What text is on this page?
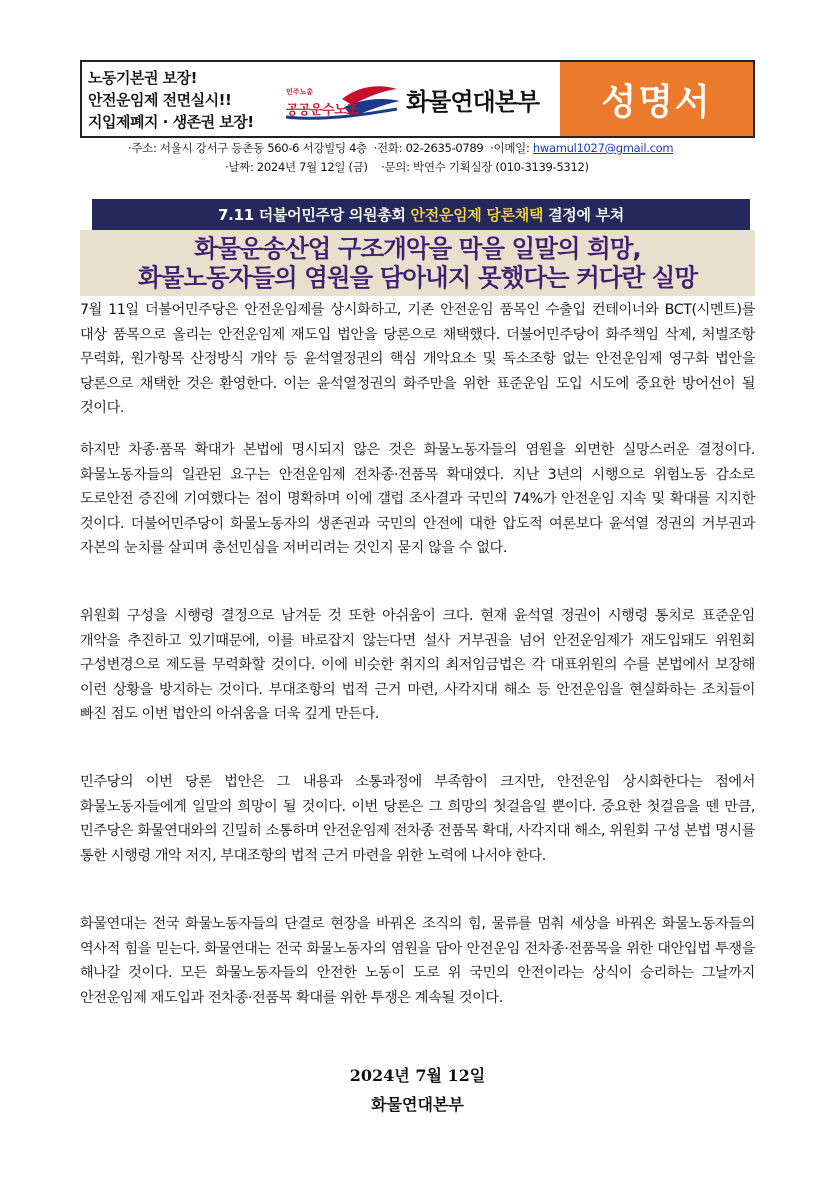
노동기본권 보장!
안전운임제 전면실시!!
지입제폐지 · 생존권 보장!
민주노총
공공운수노조 화물연대본부	성명서
·주소: 서울시 강서구 등촌동 560-6 서강빌딩 4층 ·전화: 02-2635-0789 ·이메일: hwamul1027@gmail.com
·날짜: 2024년 7월 12일 (금) ·문의: 박연수 기획실장 (010-3139-5312)
7.11 더불어민주당 의원총회 안전운임제 당론채택 결정에 부쳐
화물운송산업 구조개악을 막을 일말의 희망,
화물노동자들의 염원을 담아내지 못했다는 커다란 실망

7월 11일 더불어민주당은 안전운임제를 상시화하고, 기존 안전운임 품목인 수출입 컨테이너와 BCT(시멘트)를 대상 품목으로 올리는 안전운임제 재도입 법안을 당론으로 채택했다. 더불어민주당이 화주책임 삭제, 처벌조항 무력화, 원가항목 산정방식 개악 등 윤석열정권의 핵심 개악요소 및 독소조항 없는 안전운임제 영구화 법안을 당론으로 채택한 것은 환영한다. 이는 윤석열정권의 화주만을 위한 표준운임 도입 시도에 중요한 방어선이 될 것이다.

하지만 차종·품목 확대가 본법에 명시되지 않은 것은 화물노동자들의 염원을 외면한 실망스러운 결정이다. 화물노동자들의 일관된 요구는 안전운임제 전차종·전품목 확대였다. 지난 3년의 시행으로 위험노동 감소로 도로안전 증진에 기여했다는 점이 명확하며 이에 갤럽 조사결과 국민의 74%가 안전운임 지속 및 확대를 지지한 것이다. 더불어민주당이 화물노동자의 생존권과 국민의 안전에 대한 압도적 여론보다 윤석열 정권의 거부권과 자본의 눈치를 살피며 총선민심을 저버리려는 것인지 묻지 않을 수 없다.

위원회 구성을 시행령 결정으로 남겨둔 것 또한 아쉬움이 크다. 현재 윤석열 정권이 시행령 통치로 표준운임 개악을 추진하고 있기때문에, 이를 바로잡지 않는다면 설사 거부권을 넘어 안전운임제가 재도입돼도 위원회 구성변경으로 제도를 무력화할 것이다. 이에 비슷한 취지의 최저임금법은 각 대표위원의 수를 본법에서 보장해 이런 상황을 방지하는 것이다. 부대조항의 법적 근거 마련, 사각지대 해소 등 안전운임을 현실화하는 조치들이 빠진 점도 이번 법안의 아쉬움을 더욱 깊게 만든다.

민주당의 이번 당론 법안은 그 내용과 소통과정에 부족함이 크지만, 안전운임 상시화한다는 점에서 화물노동자들에게 일말의 희망이 될 것이다. 이번 당론은 그 희망의 첫걸음일 뿐이다. 중요한 첫걸음을 뗀 만큼, 민주당은 화물연대와의 긴밀히 소통하며 안전운임제 전차종 전품목 확대, 사각지대 해소, 위원회 구성 본법 명시를 통한 시행령 개악 저지, 부대조항의 법적 근거 마련을 위한 노력에 나서야 한다.

화물연대는 전국 화물노동자들의 단결로 현장을 바꿔온 조직의 힘, 물류를 멈춰 세상을 바꿔온 화물노동자들의 역사적 힘을 믿는다. 화물연대는 전국 화물노동자의 염원을 담아 안전운임 전차종·전품목을 위한 대안입법 투쟁을 해나갈 것이다. 모든 화물노동자들의 안전한 노동이 도로 위 국민의 안전이라는 상식이 승리하는 그날까지 안전운임제 재도입과 전차종·전품목 확대를 위한 투쟁은 계속될 것이다.

2024년 7월 12일
화물연대본부
